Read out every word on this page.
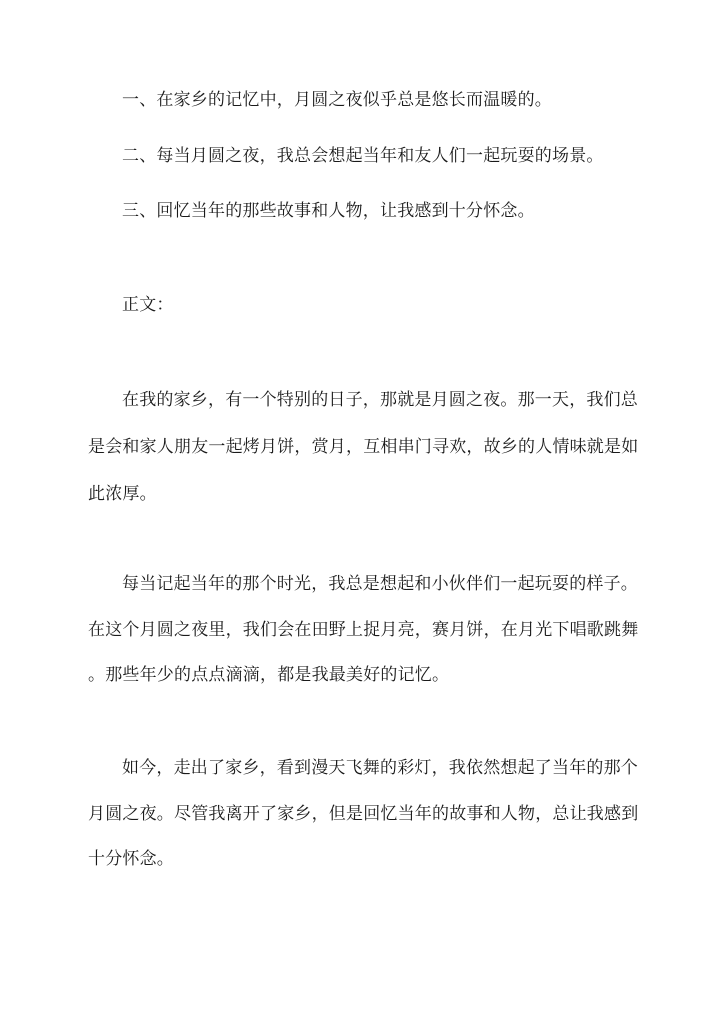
一、在家乡的记忆中，月圆之夜似乎总是悠长而温暖的。
二、每当月圆之夜，我总会想起当年和友人们一起玩耍的场景。
三、回忆当年的那些故事和人物，让我感到十分怀念。
正文：
在我的家乡，有一个特别的日子，那就是月圆之夜。那一天，我们总
是会和家人朋友一起烤月饼，赏月，互相串门寻欢，故乡的人情味就是如
此浓厚。
每当记起当年的那个时光，我总是想起和小伙伴们一起玩耍的样子。
在这个月圆之夜里，我们会在田野上捉月亮，赛月饼，在月光下唱歌跳舞
。那些年少的点点滴滴，都是我最美好的记忆。
如今，走出了家乡，看到漫天飞舞的彩灯，我依然想起了当年的那个
月圆之夜。尽管我离开了家乡，但是回忆当年的故事和人物，总让我感到
十分怀念。
